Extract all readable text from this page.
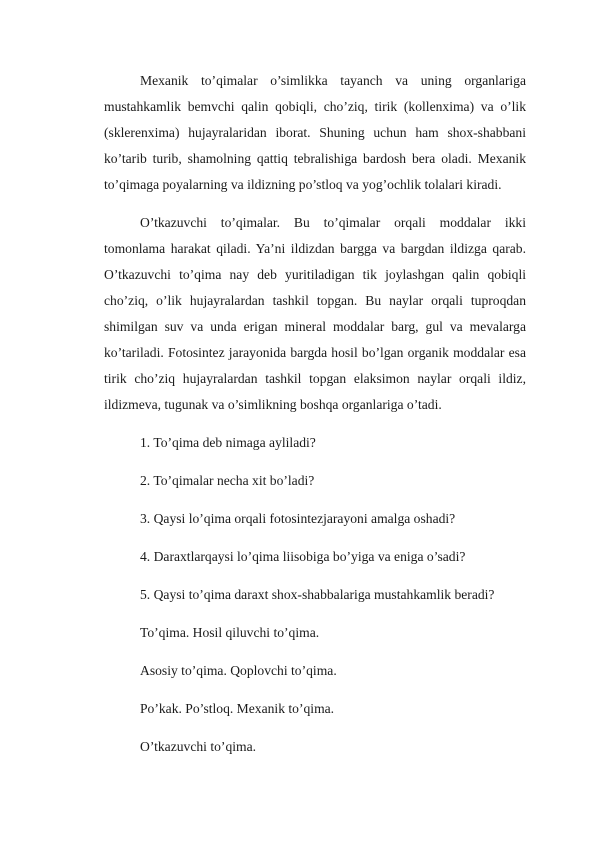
Mexanik to’qimalar o’simlikka tayanch va uning organlariga mustahkamlik bemvchi qalin qobiqli, cho’ziq, tirik (kollenxima) va o’lik (sklerenxima) hujayralaridan iborat. Shuning uchun ham shox-shabbani ko’tarib turib, shamolning qattiq tebralishiga bardosh bera oladi. Mexanik to’qimaga poyalarning va ildizning po’stloq va yog’ochlik tolalari kiradi.

O’tkazuvchi to’qimalar. Bu to’qimalar orqali moddalar ikki tomonlama harakat qiladi. Ya’ni ildizdan bargga va bargdan ildizga qarab. O’tkazuvchi to’qima nay deb yuritiladigan tik joylashgan qalin qobiqli cho’ziq, o’lik hujayralardan tashkil topgan. Bu naylar orqali tuproqdan shimilgan suv va unda erigan mineral moddalar barg, gul va mevalarga ko’tariladi. Fotosintez jarayonida bargda hosil bo’lgan organik moddalar esa tirik cho’ziq hujayralardan tashkil topgan elaksimon naylar orqali ildiz, ildizmeva, tugunak va o’simlikning boshqa organlariga o’tadi.

1. To’qima deb nimaga ayliladi?

2. To’qimalar necha xit bo’ladi?

3. Qaysi lo’qima orqali fotosintezjarayoni amalga oshadi?

4. Daraxtlarqaysi lo’qima liisobiga bo’yiga va eniga o’sadi?

5. Qaysi to’qima daraxt shox-shabbalariga mustahkamlik beradi?

To’qima. Hosil qiluvchi to’qima.

Asosiy to’qima. Qoplovchi to’qima.

Po’kak. Po’stloq. Mexanik to’qima.

O’tkazuvchi to’qima.
